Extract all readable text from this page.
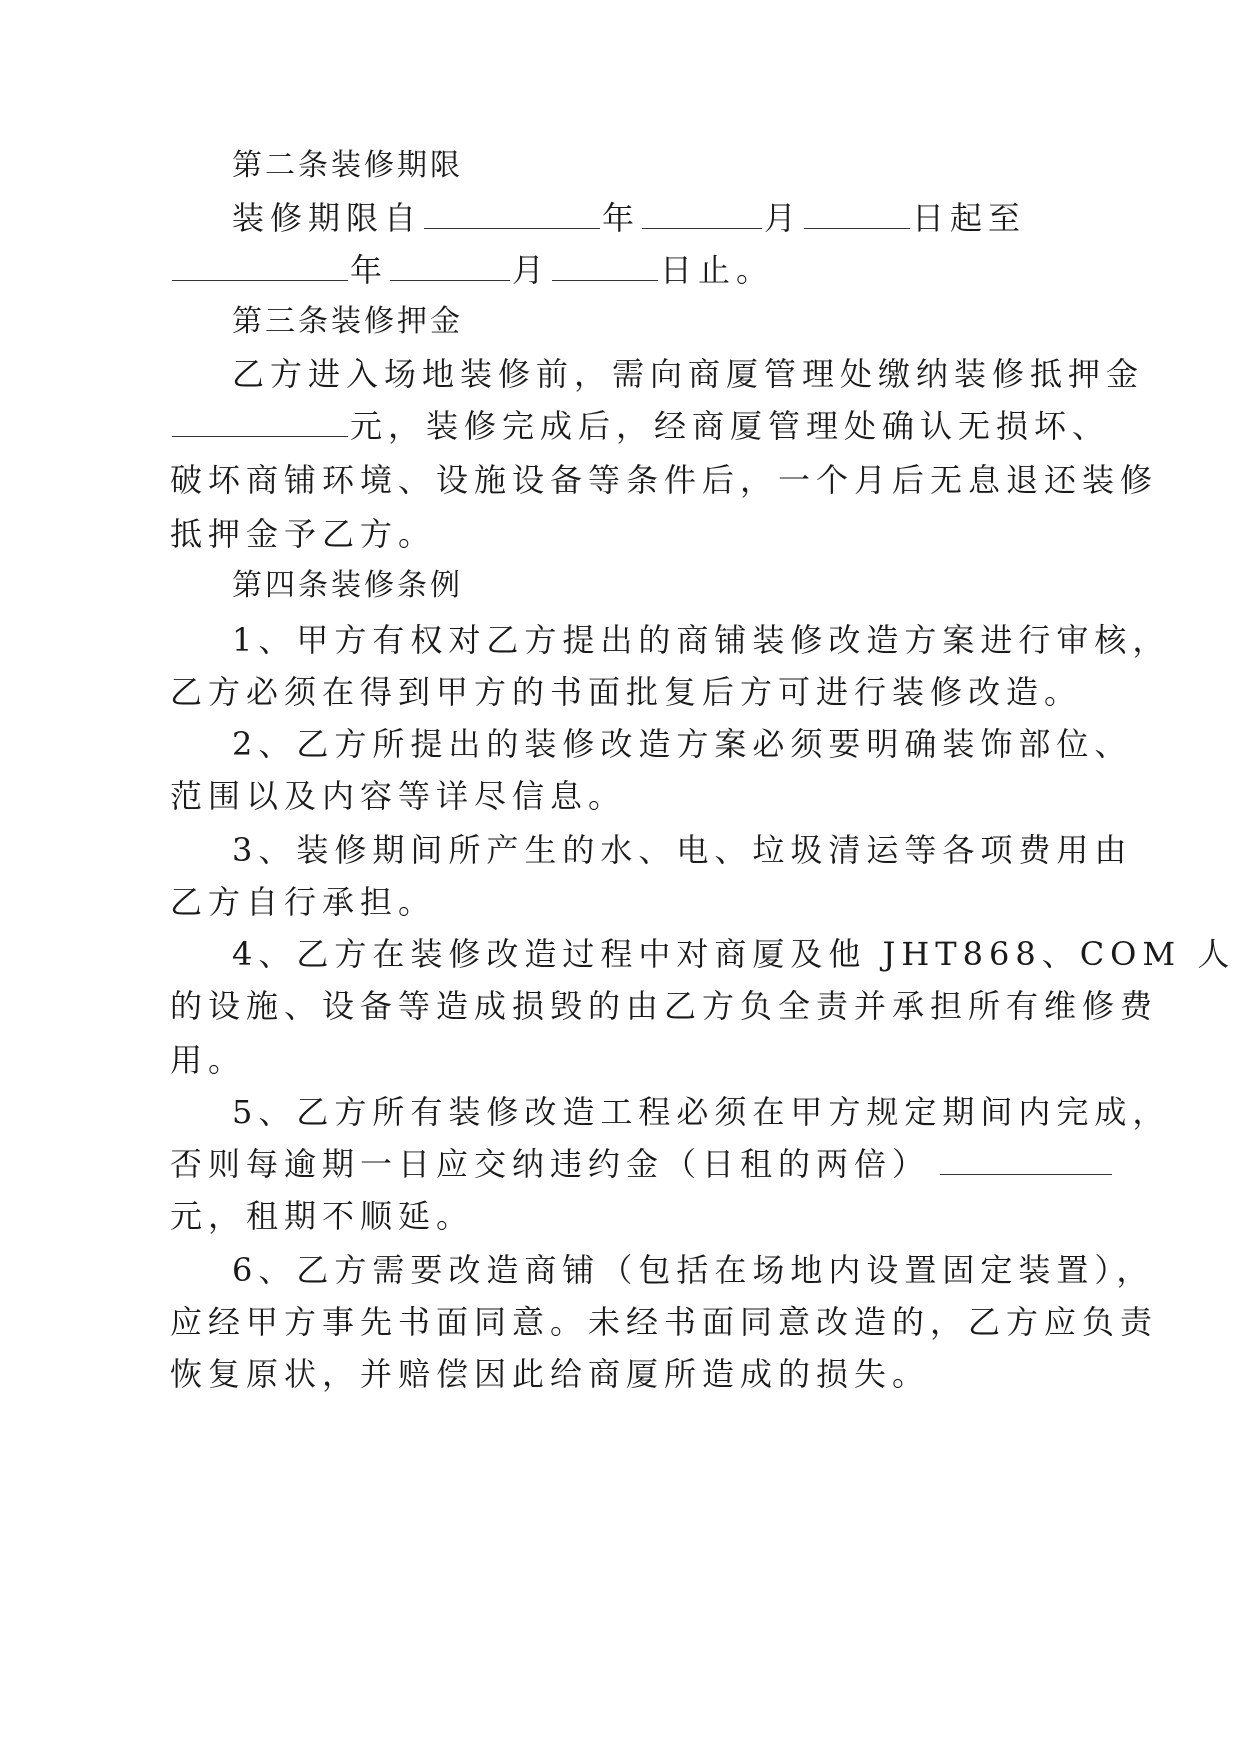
第二条装修期限
装修期限自	年	月	日起至
年	月	日止。
第三条装修押金
乙方进入场地装修前，需向商厦管理处缴纳装修抵押金
元，装修完成后，经商厦管理处确认无损坏、
破坏商铺环境、设施设备等条件后，一个月后无息退还装修
抵押金予乙方。
第四条装修条例
1、甲方有权对乙方提出的商铺装修改造方案进行审核，
乙方必须在得到甲方的书面批复后方可进行装修改造。
2、乙方所提出的装修改造方案必须要明确装饰部位、
范围以及内容等详尽信息。
3、装修期间所产生的水、电、垃圾清运等各项费用由
乙方自行承担。
4、乙方在装修改造过程中对商厦及他 JHT868、COM 人
的设施、设备等造成损毁的由乙方负全责并承担所有维修费
用。
5、乙方所有装修改造工程必须在甲方规定期间内完成，
否则每逾期一日应交纳违约金（日租的两倍）
元，租期不顺延。
6、乙方需要改造商铺（包括在场地内设置固定装置），
应经甲方事先书面同意。未经书面同意改造的，乙方应负责
恢复原状，并赔偿因此给商厦所造成的损失。
